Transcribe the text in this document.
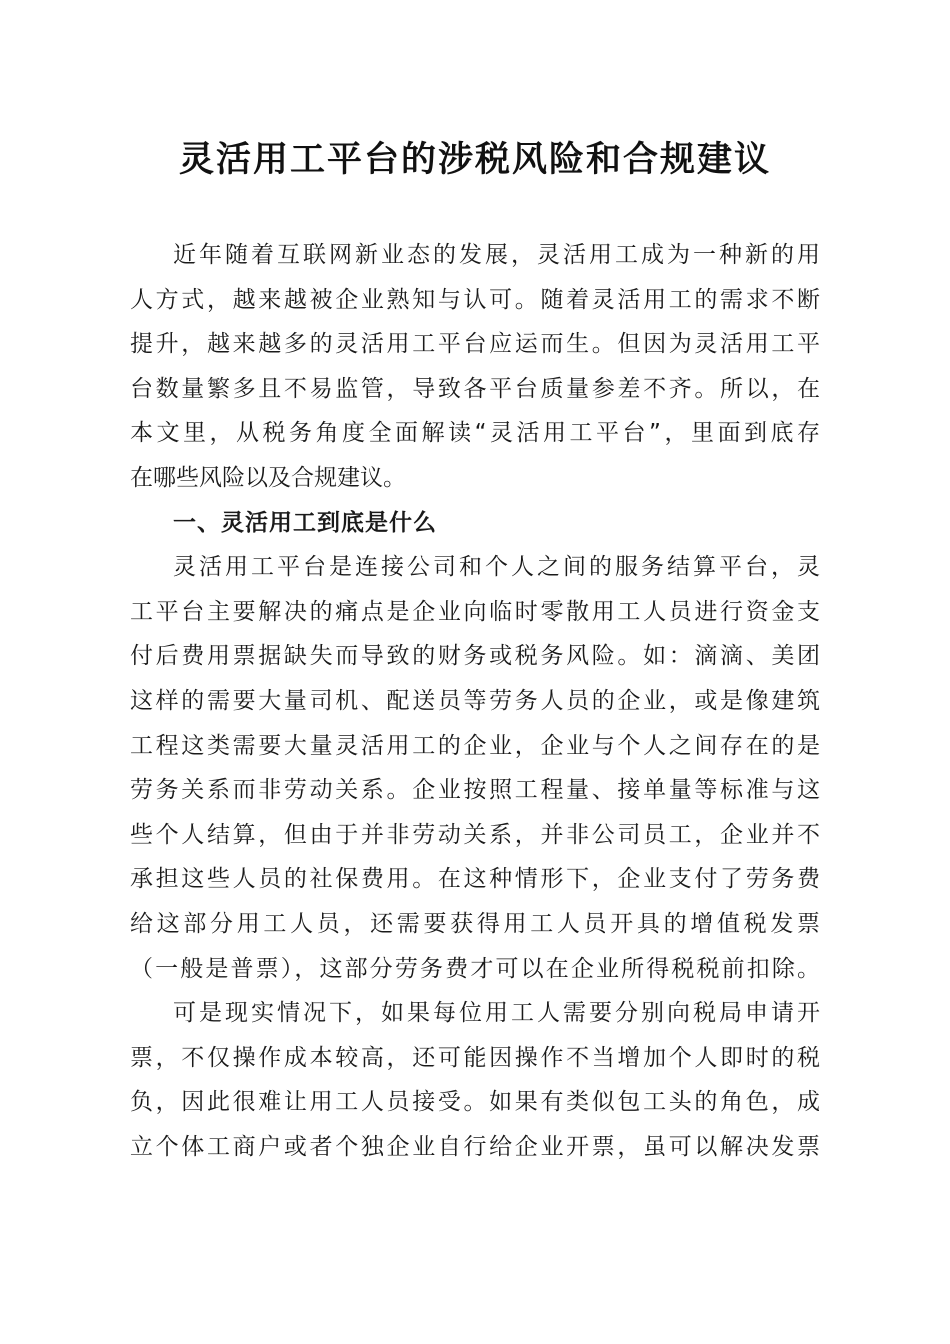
灵活用工平台的涉税风险和合规建议
近年随着互联网新业态的发展，灵活用工成为一种新的用
人方式，越来越被企业熟知与认可。随着灵活用工的需求不断
提升，越来越多的灵活用工平台应运而生。但因为灵活用工平
台数量繁多且不易监管，导致各平台质量参差不齐。所以，在
本文里，从税务角度全面解读“灵活用工平台”，里面到底存
在哪些风险以及合规建议。
一、灵活用工到底是什么
灵活用工平台是连接公司和个人之间的服务结算平台，灵
工平台主要解决的痛点是企业向临时零散用工人员进行资金支
付后费用票据缺失而导致的财务或税务风险。如：滴滴、美团
这样的需要大量司机、配送员等劳务人员的企业，或是像建筑
工程这类需要大量灵活用工的企业，企业与个人之间存在的是
劳务关系而非劳动关系。企业按照工程量、接单量等标准与这
些个人结算，但由于并非劳动关系，并非公司员工，企业并不
承担这些人员的社保费用。在这种情形下，企业支付了劳务费
给这部分用工人员，还需要获得用工人员开具的增值税发票
（一般是普票），这部分劳务费才可以在企业所得税税前扣除。
可是现实情况下，如果每位用工人需要分别向税局申请开
票，不仅操作成本较高，还可能因操作不当增加个人即时的税
负，因此很难让用工人员接受。如果有类似包工头的角色，成
立个体工商户或者个独企业自行给企业开票，虽可以解决发票
